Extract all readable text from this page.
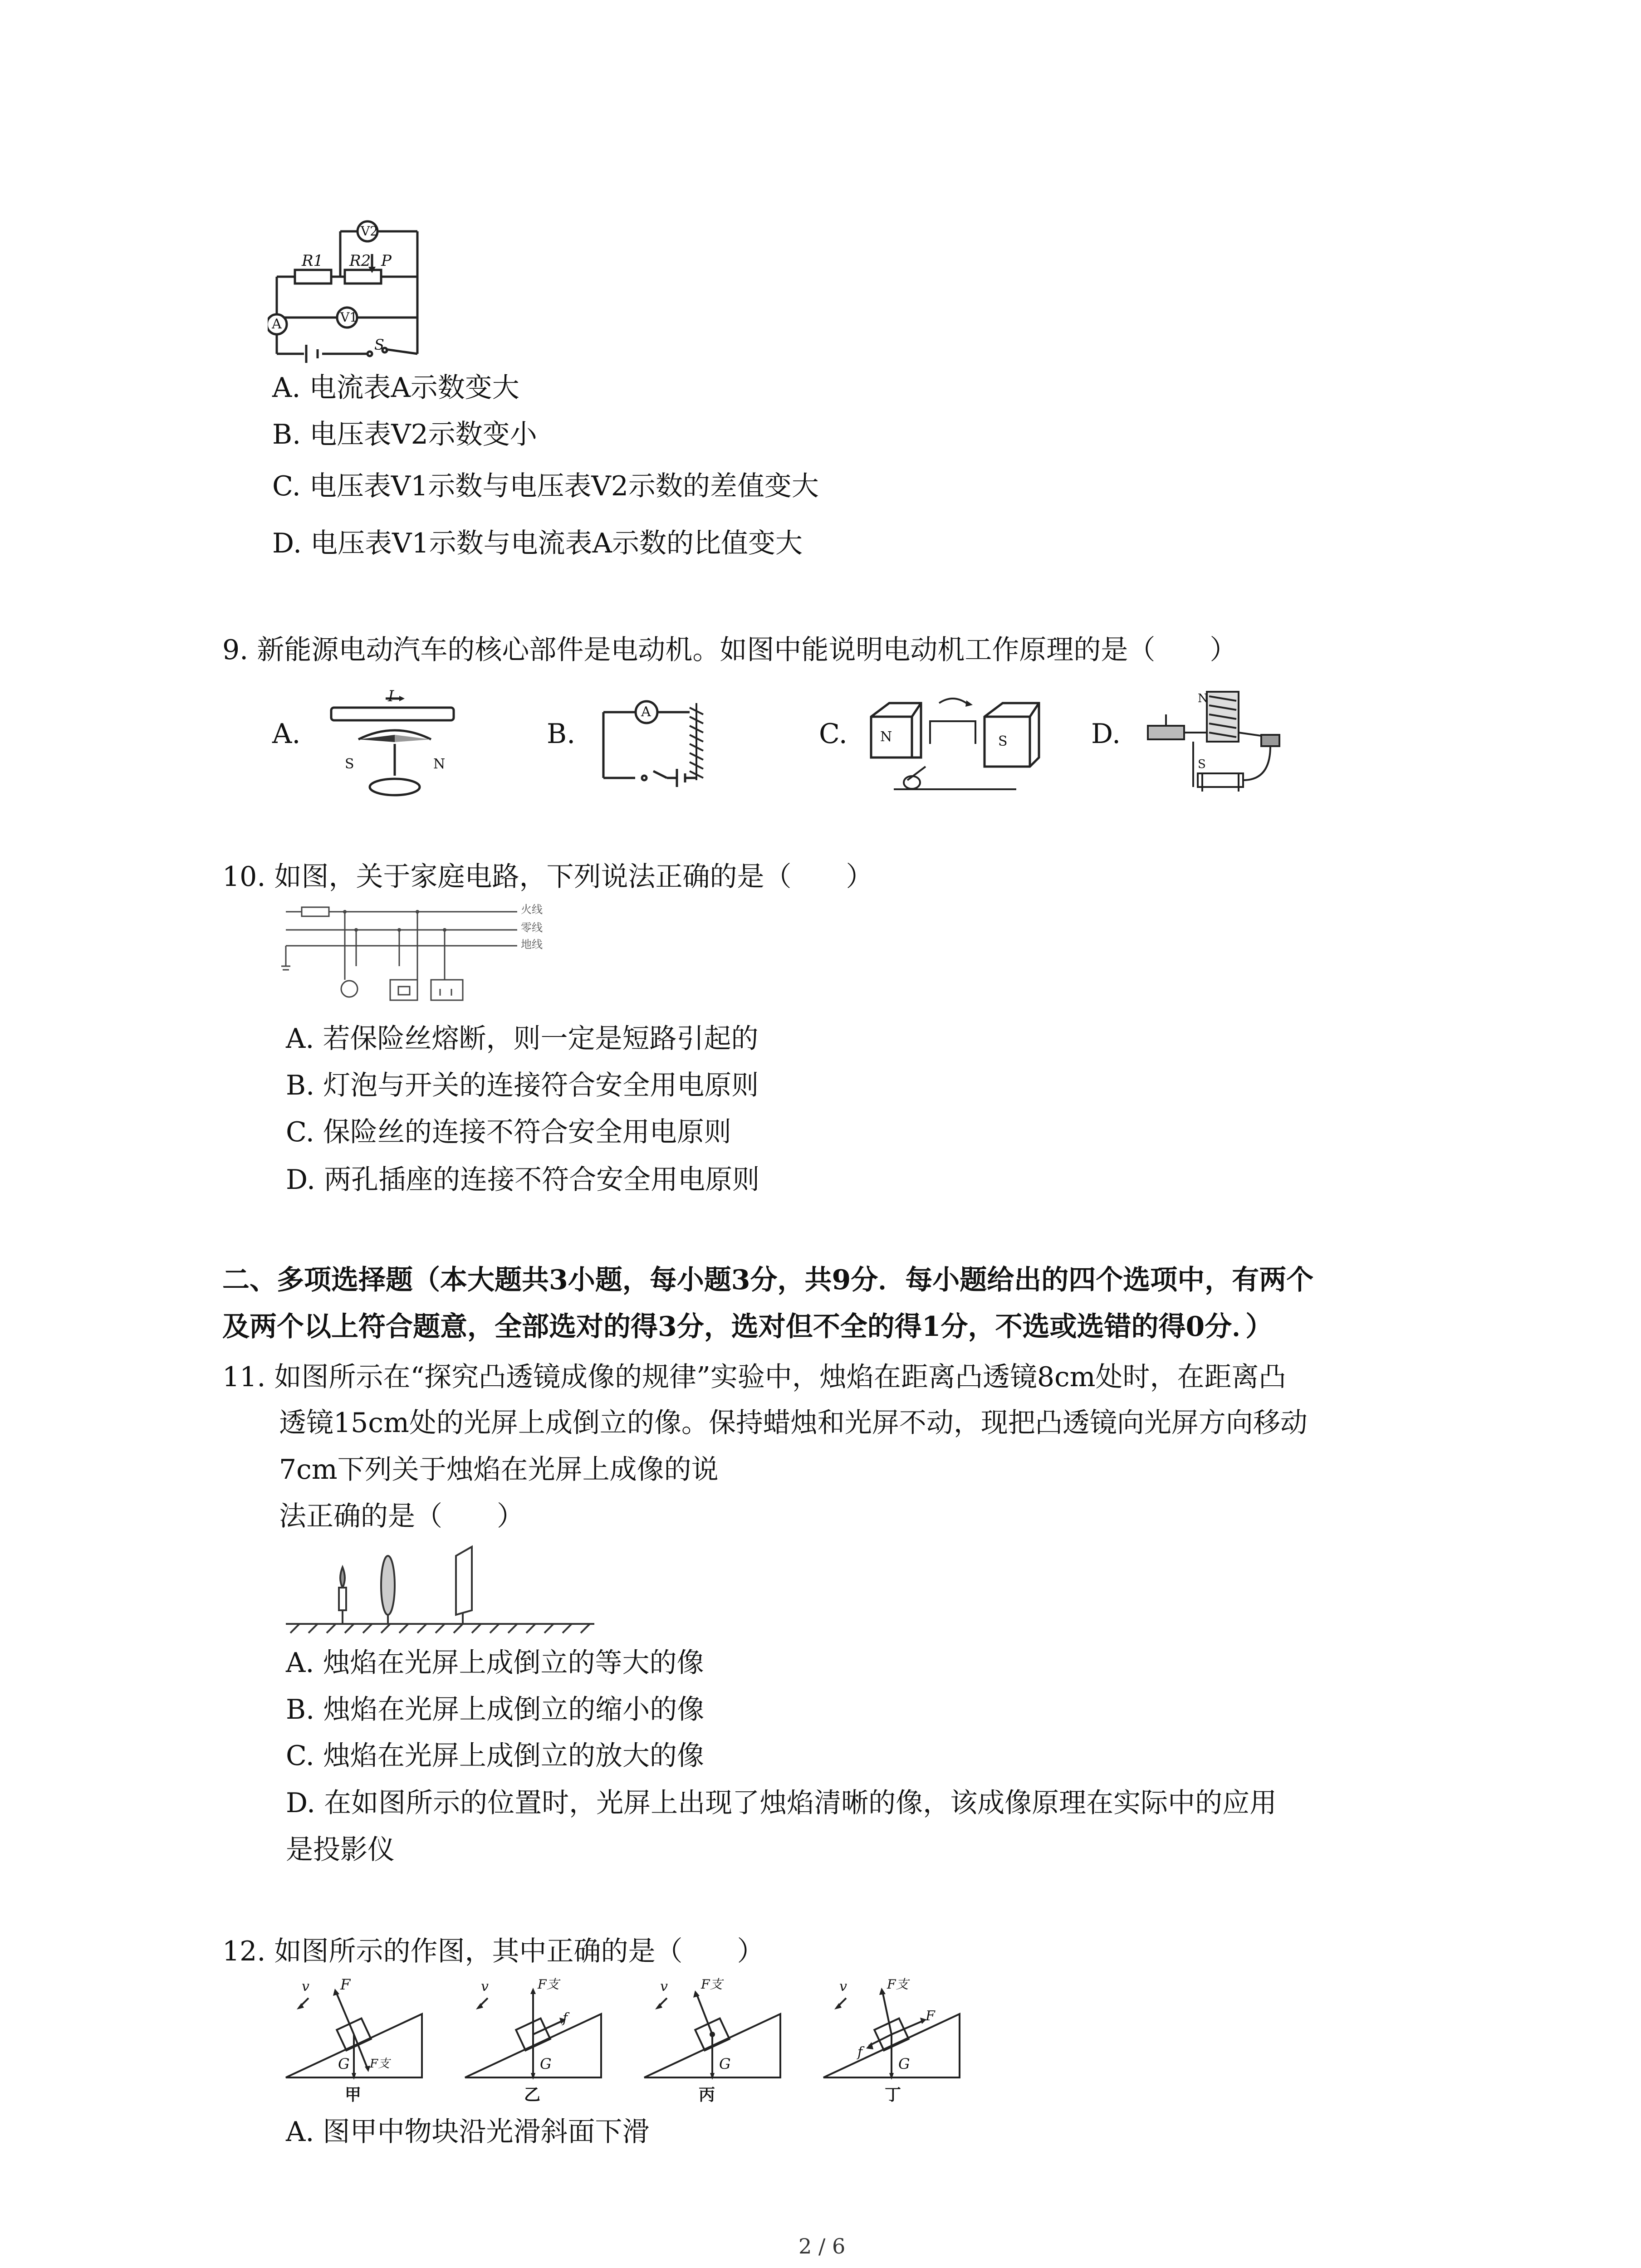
R1 R2 P
V2
V1
A
S
A. 电流表A示数变大
B. 电压表V2示数变小
C. 电压表V1示数与电压表V2示数的差值变大
D. 电压表V1示数与电流表A示数的比值变大
9. 新能源电动汽车的核心部件是电动机。如图中能说明电动机工作原理的是（　　）
A.	B.	C.	D.
I
S	N
A
N	S
N
S
10. 如图，关于家庭电路，下列说法正确的是（　　）
火线
零线
地线
A. 若保险丝熔断，则一定是短路引起的
B. 灯泡与开关的连接符合安全用电原则
C. 保险丝的连接不符合安全用电原则
D. 两孔插座的连接不符合安全用电原则
二、多项选择题（本大题共3小题，每小题3分，共9分．每小题给出的四个选项中，有两个
及两个以上符合题意，全部选对的得3分，选对但不全的得1分，不选或选错的得0分．）
11. 如图所示在“探究凸透镜成像的规律”实验中，烛焰在距离凸透镜8cm处时，在距离凸
透镜15cm处的光屏上成倒立的像。保持蜡烛和光屏不动，现把凸透镜向光屏方向移动
7cm下列关于烛焰在光屏上成像的说
法正确的是（　　）
A. 烛焰在光屏上成倒立的等大的像
B. 烛焰在光屏上成倒立的缩小的像
C. 烛焰在光屏上成倒立的放大的像
D. 在如图所示的位置时，光屏上出现了烛焰清晰的像，该成像原理在实际中的应用
是投影仪
12. 如图所示的作图，其中正确的是（　　）
v F
G F支
甲
v	F支
f
G
乙
v	F支
G
丙
v	F支
F
f
G
丁
A. 图甲中物块沿光滑斜面下滑
2 / 6
